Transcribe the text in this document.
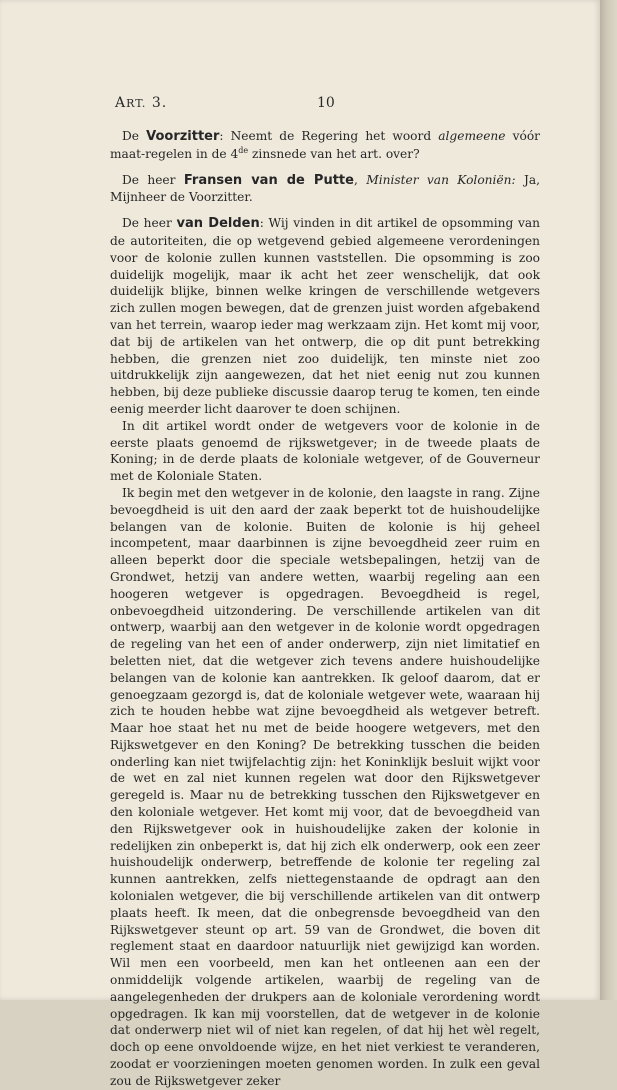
ART. 3.	10

De Voorzitter: Neemt de Regering het woord algemeene vóór maat-regelen in de 4de zinsnede van het art. over?

De heer Fransen van de Putte, Minister van Koloniën: Ja, Mijnheer de Voorzitter.

De heer van Delden: Wij vinden in dit artikel de opsomming van de autoriteiten, die op wetgevend gebied algemeene verordeningen voor de kolonie zullen kunnen vaststellen. Die opsomming is zoo duidelijk mogelijk, maar ik acht het zeer wenschelijk, dat ook duidelijk blijke, binnen welke kringen de verschillende wetgevers zich zullen mogen bewegen, dat de grenzen juist worden afgebakend van het terrein, waarop ieder mag werkzaam zijn. Het komt mij voor, dat bij de artikelen van het ontwerp, die op dit punt betrekking hebben, die grenzen niet zoo duidelijk, ten minste niet zoo uitdrukkelijk zijn aangewezen, dat het niet eenig nut zou kunnen hebben, bij deze publieke discussie daarop terug te komen, ten einde eenig meerder licht daarover te doen schijnen.

In dit artikel wordt onder de wetgevers voor de kolonie in de eerste plaats genoemd de rijkswetgever; in de tweede plaats de Koning; in de derde plaats de koloniale wetgever, of de Gouverneur met de Koloniale Staten.

Ik begin met den wetgever in de kolonie, den laagste in rang. Zijne bevoegdheid is uit den aard der zaak beperkt tot de huishoudelijke belangen van de kolonie. Buiten de kolonie is hij geheel incompetent, maar daarbinnen is zijne bevoegdheid zeer ruim en alleen beperkt door die speciale wetsbepalingen, hetzij van de Grondwet, hetzij van andere wetten, waarbij regeling aan een hoogeren wetgever is opgedragen. Bevoegdheid is regel, onbevoegdheid uitzondering. De verschillende artikelen van dit ontwerp, waarbij aan den wetgever in de kolonie wordt opgedragen de regeling van het een of ander onderwerp, zijn niet limitatief en beletten niet, dat die wetgever zich tevens andere huishoudelijke belangen van de kolonie kan aantrekken. Ik geloof daarom, dat er genoegzaam gezorgd is, dat de koloniale wetgever wete, waaraan hij zich te houden hebbe wat zijne bevoegdheid als wetgever betreft. Maar hoe staat het nu met de beide hoogere wetgevers, met den Rijkswetgever en den Koning? De betrekking tusschen die beiden onderling kan niet twijfelachtig zijn: het Koninklijk besluit wijkt voor de wet en zal niet kunnen regelen wat door den Rijkswetgever geregeld is. Maar nu de betrekking tusschen den Rijkswetgever en den koloniale wetgever. Het komt mij voor, dat de bevoegdheid van den Rijkswetgever ook in huishoudelijke zaken der kolonie in redelijken zin onbeperkt is, dat hij zich elk onderwerp, ook een zeer huishoudelijk onderwerp, betreffende de kolonie ter regeling zal kunnen aantrekken, zelfs niettegenstaande de opdragt aan den kolonialen wetgever, die bij verschillende artikelen van dit ontwerp plaats heeft. Ik meen, dat die onbegrensde bevoegdheid van den Rijkswetgever steunt op art. 59 van de Grondwet, die boven dit reglement staat en daardoor natuurlijk niet gewijzigd kan worden. Wil men een voorbeeld, men kan het ontleenen aan een der onmiddelijk volgende artikelen, waarbij de regeling van de aangelegenheden der drukpers aan de koloniale verordening wordt opgedragen. Ik kan mij voorstellen, dat de wetgever in de kolonie dat onderwerp niet wil of niet kan regelen, of dat hij het wèl regelt, doch op eene onvoldoende wijze, en het niet verkiest te veranderen, zoodat er voorzieningen moeten genomen worden. In zulk een geval zou de Rijkswetgever zeker
